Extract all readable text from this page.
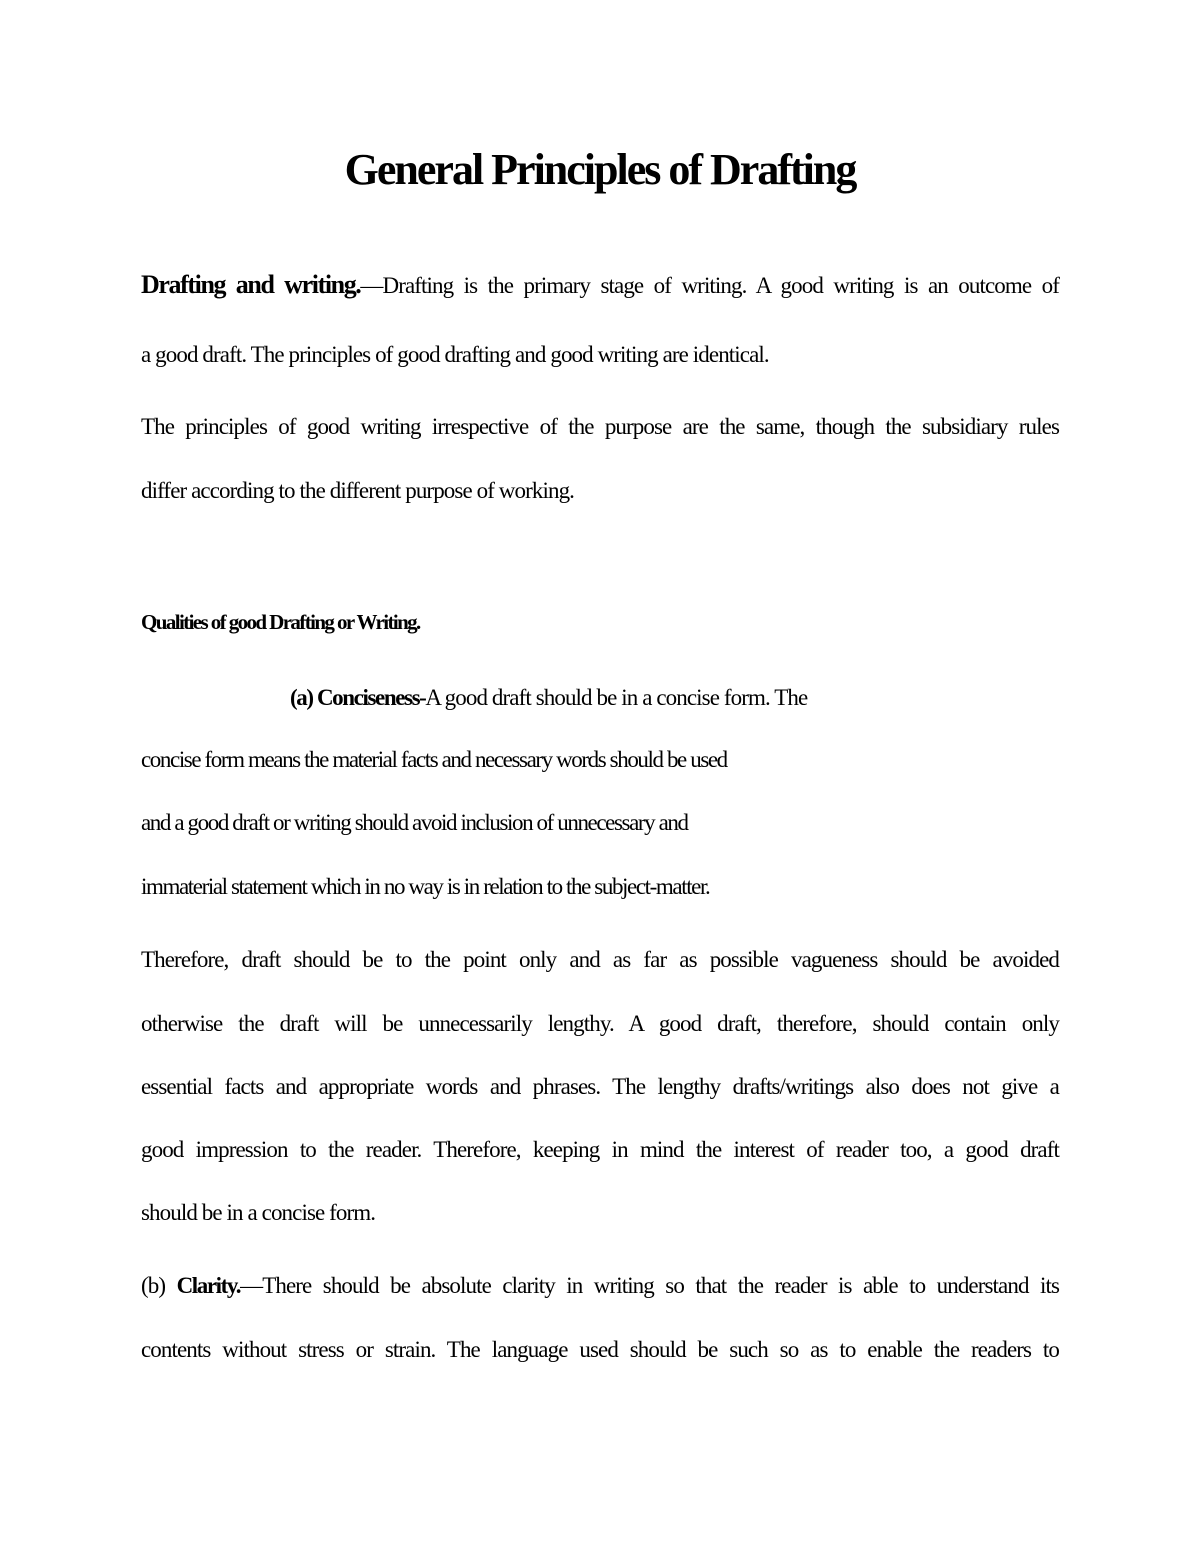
General Principles of Drafting

Drafting and writing.—Drafting is the primary stage of writing. A good writing is an outcome of

a good draft. The principles of good drafting and good writing are identical.

The principles of good writing irrespective of the purpose are the same, though the subsidiary rules

differ according to the different purpose of working.

Qualities of good Drafting or Writing.

(a) Conciseness-A good draft should be in a concise form. The

concise form means the material facts and necessary words should be used

and a good draft or writing should avoid inclusion of unnecessary and

immaterial statement which in no way is in relation to the subject-matter.

Therefore, draft should be to the point only and as far as possible vagueness should be avoided

otherwise the draft will be unnecessarily lengthy. A good draft, therefore, should contain only

essential facts and appropriate words and phrases. The lengthy drafts/writings also does not give a

good impression to the reader. Therefore, keeping in mind the interest of reader too, a good draft

should be in a concise form.

(b) Clarity.—There should be absolute clarity in writing so that the reader is able to understand its

contents without stress or strain. The language used should be such so as to enable the readers to
